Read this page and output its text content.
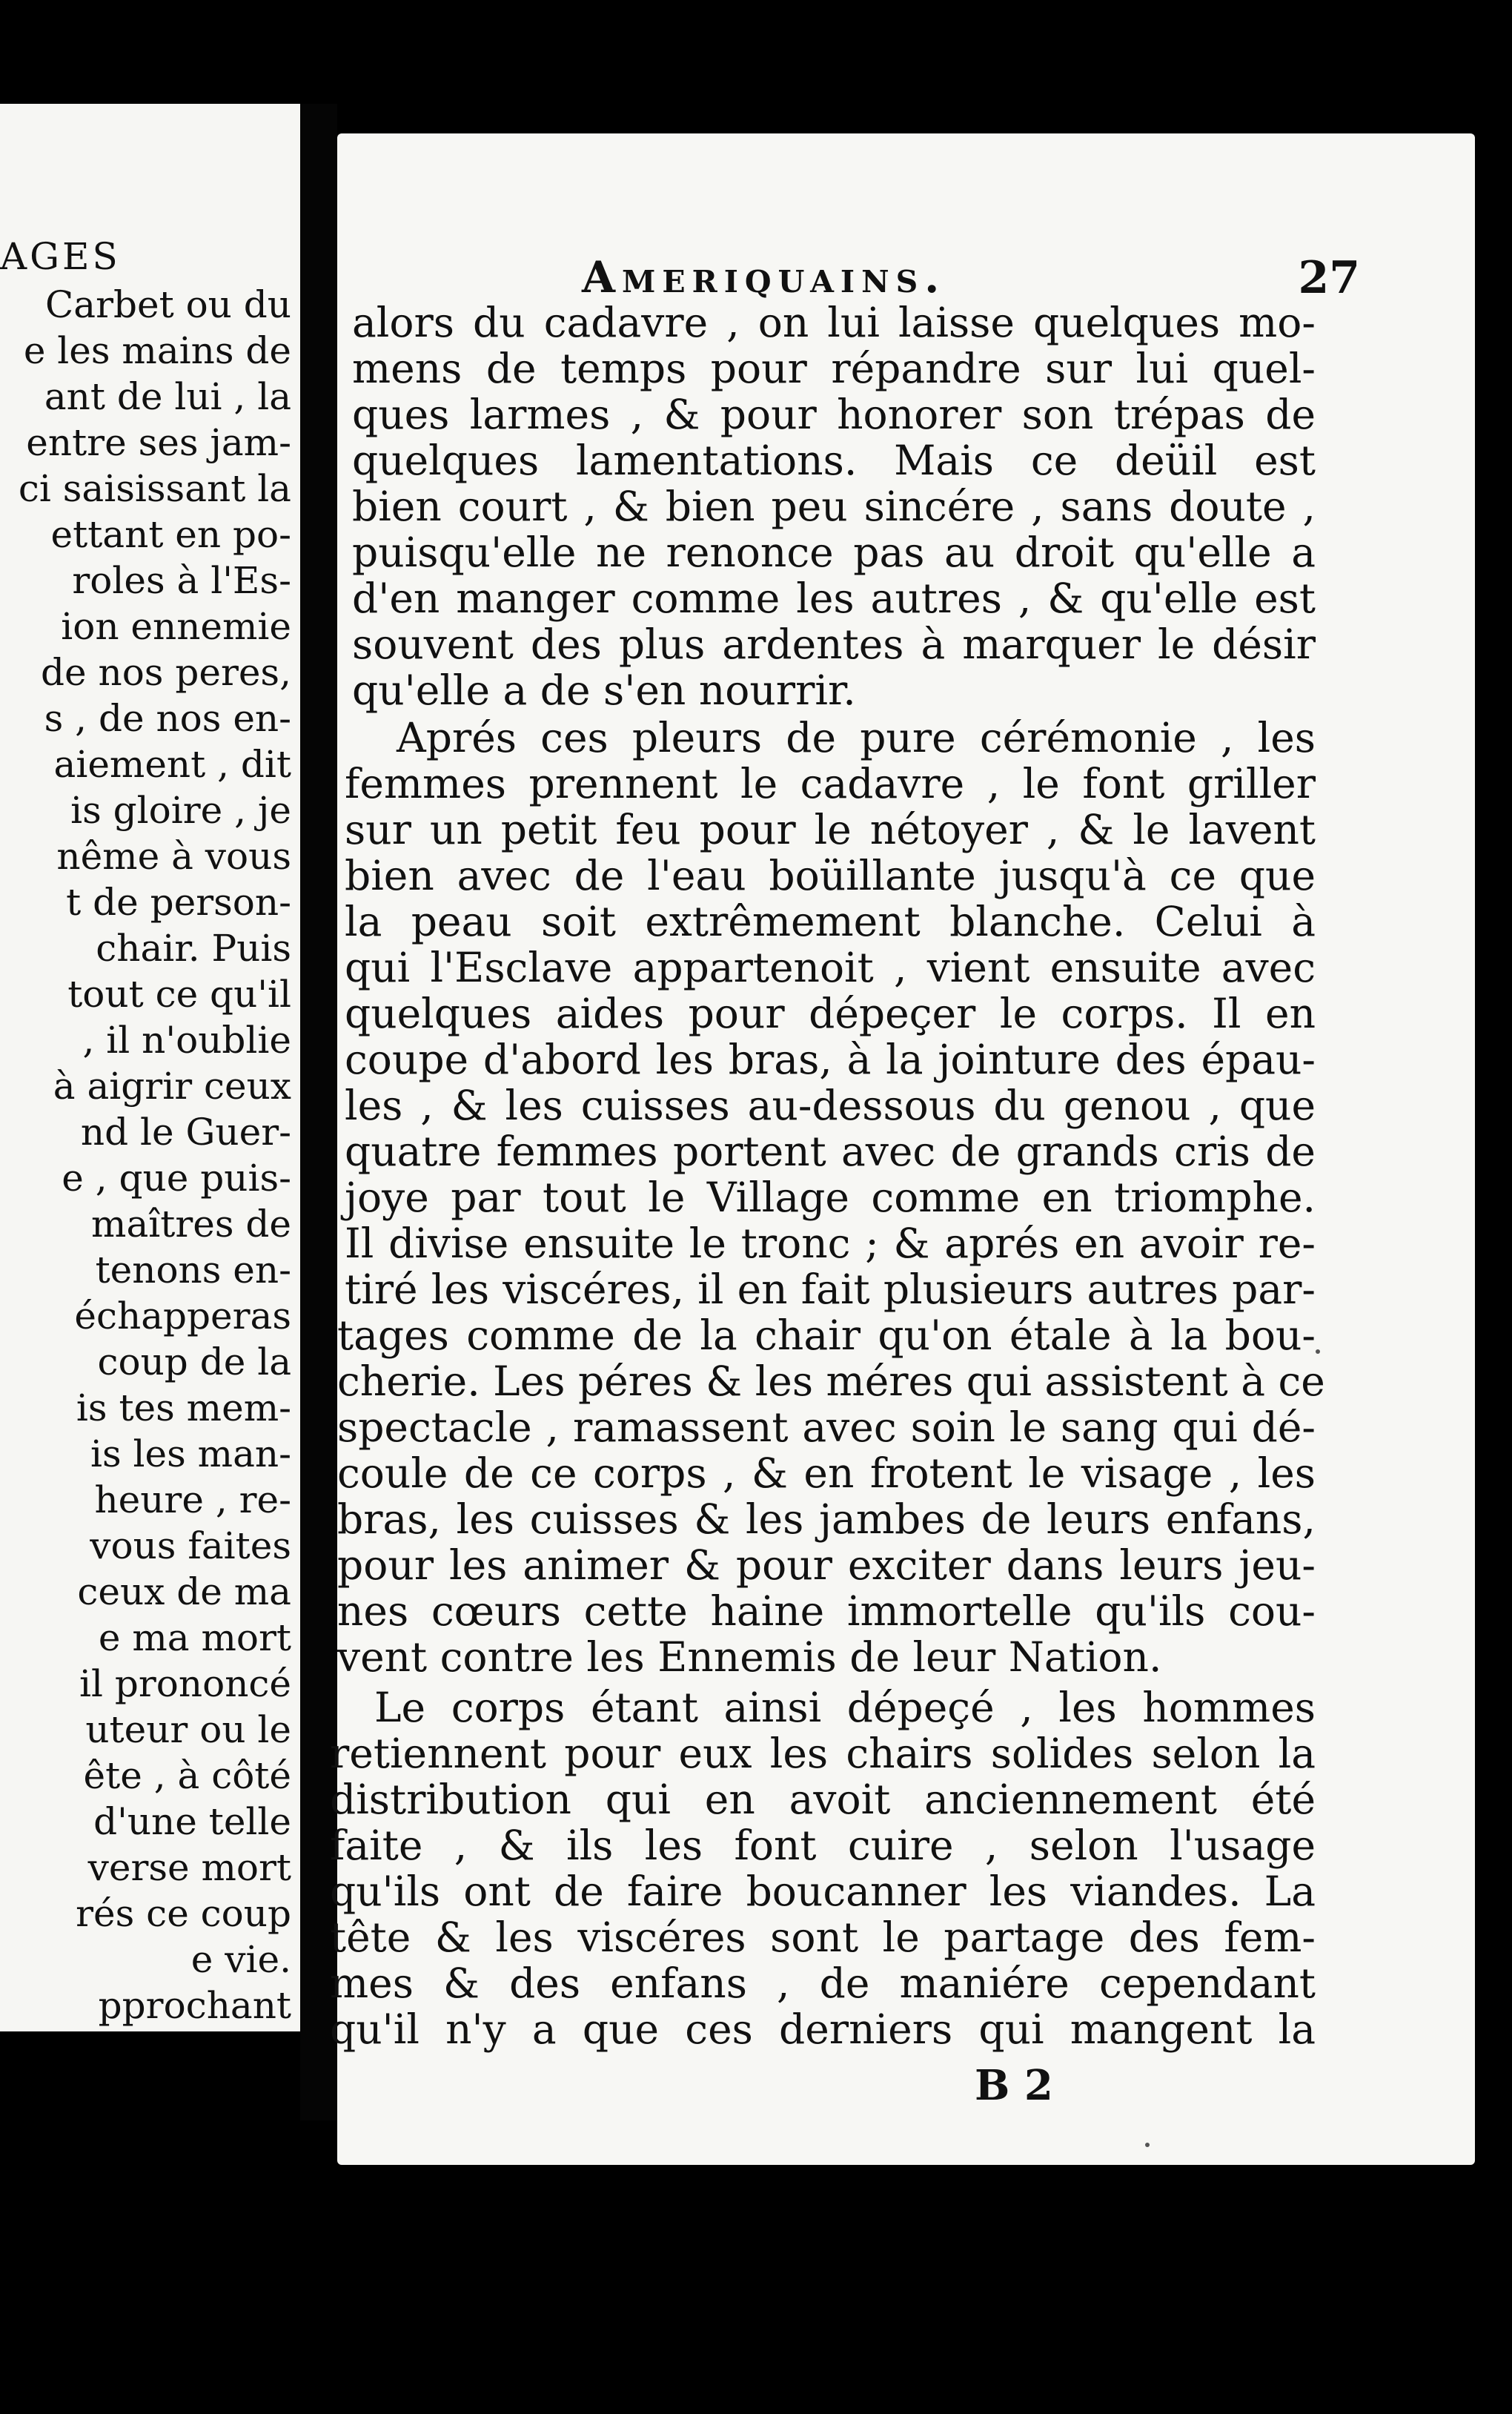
AGES
Carbet ou du
e les mains de
ant de lui , la
entre ses jam-
ci saisissant la
ettant en po-
roles à l'Es-
ion ennemie
de nos peres,
s , de nos en-
aiement , dit
is gloire , je
nême à vous
t de person-
chair. Puis
tout ce qu'il
, il n'oublie
à aigrir ceux
nd le Guer-
e , que puis-
maîtres de
tenons en-
échapperas
coup de la
is tes mem-
is les man-
heure , re-
vous faites
ceux de ma
e ma mort
il prononcé
uteur ou le
ête , à côté
d'une telle
verse mort
rés ce coup
e vie.
pprochant
Ameriquains.	27
alors du cadavre , on lui laisse quelques mo-
mens de temps pour répandre sur lui quel-
ques larmes , & pour honorer son trépas de
quelques lamentations. Mais ce deüil est
bien court , & bien peu sincére , sans doute ,
puisqu'elle ne renonce pas au droit qu'elle a
d'en manger comme les autres , & qu'elle est
souvent des plus ardentes à marquer le désir
qu'elle a de s'en nourrir.
Aprés ces pleurs de pure cérémonie , les
femmes prennent le cadavre , le font griller
sur un petit feu pour le nétoyer , & le lavent
bien avec de l'eau boüillante jusqu'à ce que
la peau soit extrêmement blanche. Celui à
qui l'Esclave appartenoit , vient ensuite avec
quelques aides pour dépeçer le corps. Il en
coupe d'abord les bras, à la jointure des épau-
les , & les cuisses au-dessous du genou , que
quatre femmes portent avec de grands cris de
joye par tout le Village comme en triomphe.
Il divise ensuite le tronc ; & aprés en avoir re-
tiré les viscéres, il en fait plusieurs autres par-
tages comme de la chair qu'on étale à la bou-
cherie. Les péres & les méres qui assistent à ce
spectacle , ramassent avec soin le sang qui dé-
coule de ce corps , & en frotent le visage , les
bras, les cuisses & les jambes de leurs enfans,
pour les animer & pour exciter dans leurs jeu-
nes cœurs cette haine immortelle qu'ils cou-
vent contre les Ennemis de leur Nation.
Le corps étant ainsi dépeçé , les hommes
retiennent pour eux les chairs solides selon la
distribution qui en avoit anciennement été
faite , & ils les font cuire , selon l'usage
qu'ils ont de faire boucanner les viandes. La
tête & les viscéres sont le partage des fem-
mes & des enfans , de maniére cependant
qu'il n'y a que ces derniers qui mangent la
B 2
